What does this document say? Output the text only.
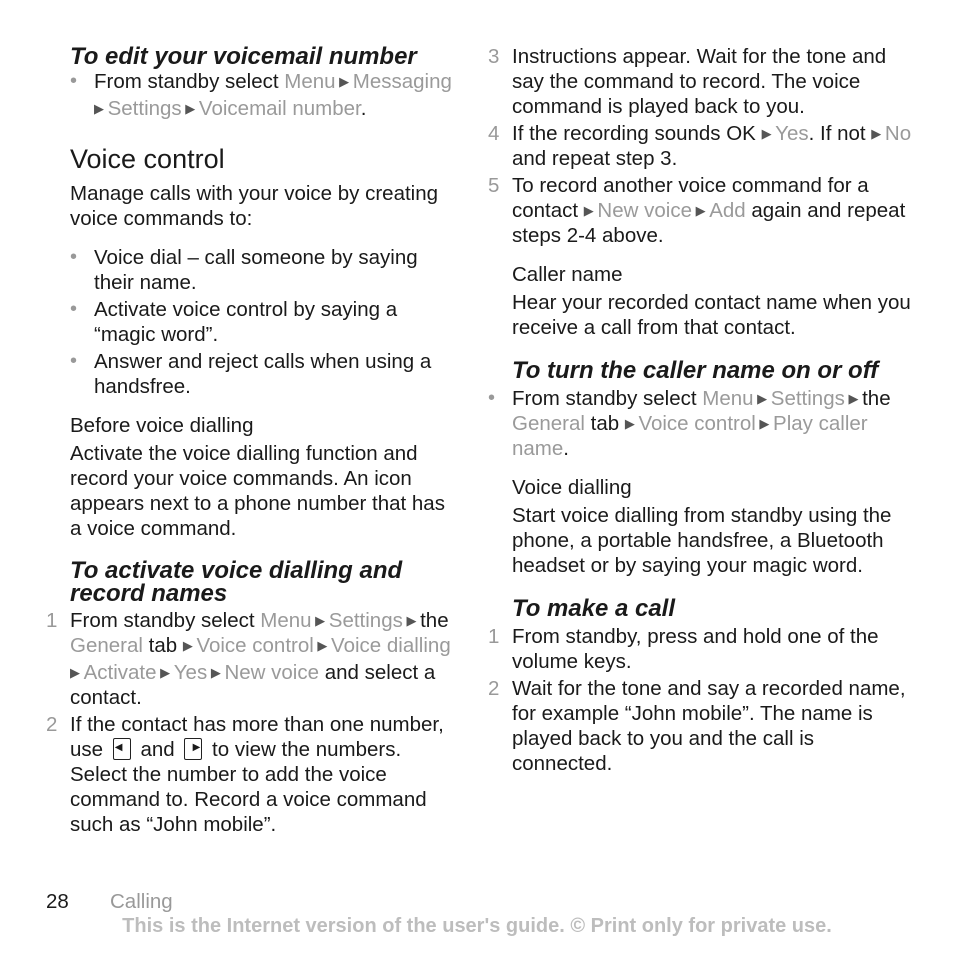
To edit your voicemail number
• From standby select Menu ▶ Messaging ▶ Settings ▶ Voicemail number.
Voice control

Manage calls with your voice by creating voice commands to:

• Voice dial – call someone by saying their name.
• Activate voice control by saying a “magic word”.
• Answer and reject calls when using a handsfree.
Before voice dialling

Activate the voice dialling function and record your voice commands. An icon appears next to a phone number that has a voice command.

To activate voice dialling and record names
1 From standby select Menu ▶ Settings ▶ the General tab ▶ Voice control ▶ Voice dialling ▶ Activate ▶ Yes ▶ New voice and select a contact.
2 If the contact has more than one number, use ◀ and ▶ to view the numbers. Select the number to add the voice command to. Record a voice command such as “John mobile”.
3 Instructions appear. Wait for the tone and say the command to record. The voice command is played back to you.
4 If the recording sounds OK ▶ Yes. If not ▶ No and repeat step 3.
5 To record another voice command for a contact ▶ New voice ▶ Add again and repeat steps 2-4 above.
Caller name

Hear your recorded contact name when you receive a call from that contact.

To turn the caller name on or off
• From standby select Menu ▶ Settings ▶ the General tab ▶ Voice control ▶ Play caller name.
Voice dialling

Start voice dialling from standby using the phone, a portable handsfree, a Bluetooth headset or by saying your magic word.

To make a call
1 From standby, press and hold one of the volume keys.
2 Wait for the tone and say a recorded name, for example “John mobile”. The name is played back to you and the call is connected.
28 Calling
This is the Internet version of the user's guide. © Print only for private use.
